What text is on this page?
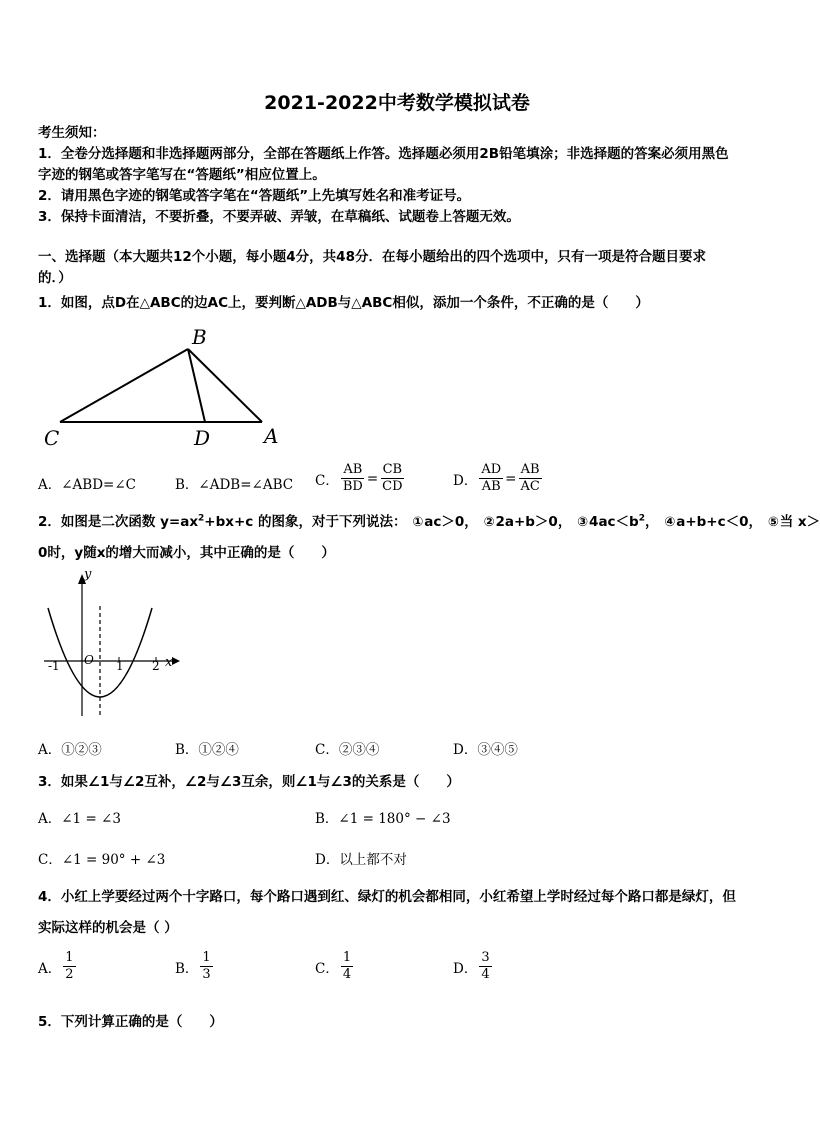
2021-2022中考数学模拟试卷
考生须知：
1．全卷分选择题和非选择题两部分，全部在答题纸上作答。选择题必须用2B铅笔填涂；非选择题的答案必须用黑色
字迹的钢笔或答字笔写在“答题纸”相应位置上。
2．请用黑色字迹的钢笔或答字笔在“答题纸”上先填写姓名和准考证号。
3．保持卡面清洁，不要折叠，不要弄破、弄皱，在草稿纸、试题卷上答题无效。
一、选择题（本大题共12个小题，每小题4分，共48分．在每小题给出的四个选项中，只有一项是符合题目要求
的．）
1．如图，点D在△ABC的边AC上，要判断△ADB与△ABC相似，添加一个条件，不正确的是（　　）
B
C	D	A
A．∠ABD=∠C	B．∠ADB=∠ABC C． $\frac{AB}{BD} = \frac{CB}{CD}$	D． $\frac{AD}{AB} = \frac{AB}{AC}$
2．如图是二次函数 $y=ax^2+bx+c$ 的图象，对于下列说法： ①ac＞0， ②2a+b＞0， $③4ac<b^2$， ④a+b+c＜0， ⑤当 x＞
0时，y随x的增大而减小，其中正确的是（　　）
y
x
O
-1	1 2
A．①②③	B．①②④	C．②③④	D．③④⑤
3．如果∠1与∠2互补，∠2与∠3互余，则∠1与∠3的关系是（　　）
A．∠1 = ∠3	B．∠1 = 180° − ∠3
C．∠1 = 90° + ∠3	D．以上都不对
4．小红上学要经过两个十字路口，每个路口遇到红、绿灯的机会都相同，小红希望上学时经过每个路口都是绿灯，但
实际这样的机会是（ ）
A． $\frac{1}{2}$	B． $\frac{1}{3}$	C． $\frac{1}{4}$	D． $\frac{3}{4}$
5．下列计算正确的是（　　）
